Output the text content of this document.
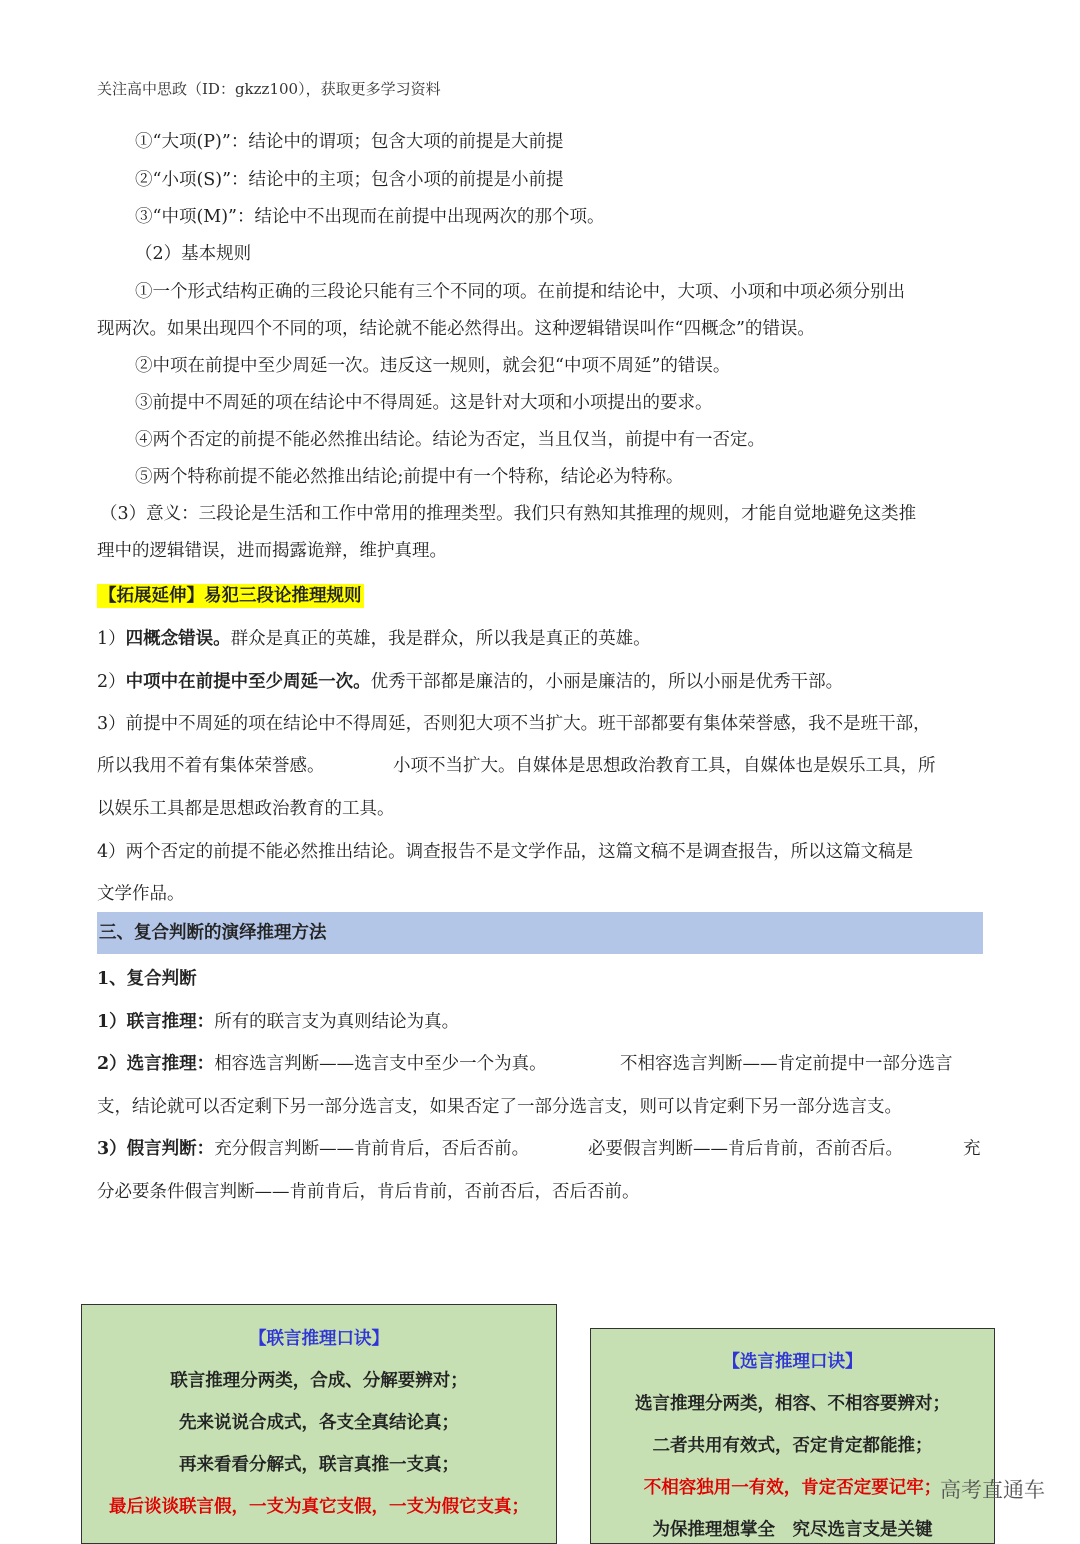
关注高中思政（ID：gkzz100），获取更多学习资料
①“大项(P)”：结论中的谓项；包含大项的前提是大前提
②“小项(S)”：结论中的主项；包含小项的前提是小前提
③“中项(M)”：结论中不出现而在前提中出现两次的那个项。
（2）基本规则
①一个形式结构正确的三段论只能有三个不同的项。在前提和结论中，大项、小项和中项必须分别出
现两次。如果出现四个不同的项，结论就不能必然得出。这种逻辑错误叫作“四概念”的错误。
②中项在前提中至少周延一次。违反这一规则，就会犯“中项不周延”的错误。
③前提中不周延的项在结论中不得周延。这是针对大项和小项提出的要求。
④两个否定的前提不能必然推出结论。结论为否定，当且仅当，前提中有一否定。
⑤两个特称前提不能必然推出结论;前提中有一个特称，结论必为特称。
（3）意义：三段论是生活和工作中常用的推理类型。我们只有熟知其推理的规则，才能自觉地避免这类推
理中的逻辑错误，进而揭露诡辩，维护真理。
【拓展延伸】易犯三段论推理规则
1）四概念错误。群众是真正的英雄，我是群众，所以我是真正的英雄。
2）中项中在前提中至少周延一次。优秀干部都是廉洁的，小丽是廉洁的，所以小丽是优秀干部。
3）前提中不周延的项在结论中不得周延，否则犯大项不当扩大。班干部都要有集体荣誉感，我不是班干部，
所以我用不着有集体荣誉感。	小项不当扩大。自媒体是思想政治教育工具，自媒体也是娱乐工具，所
以娱乐工具都是思想政治教育的工具。
4）两个否定的前提不能必然推出结论。调查报告不是文学作品，这篇文稿不是调查报告，所以这篇文稿是
文学作品。
三、复合判断的演绎推理方法
1、复合判断
1）联言推理：所有的联言支为真则结论为真。
2）选言推理：相容选言判断——选言支中至少一个为真。	不相容选言判断——肯定前提中一部分选言
支，结论就可以否定剩下另一部分选言支，如果否定了一部分选言支，则可以肯定剩下另一部分选言支。
3）假言判断：充分假言判断——肯前肯后，否后否前。	必要假言判断——肯后肯前，否前否后。	充
分必要条件假言判断——肯前肯后，肯后肯前，否前否后，否后否前。
【联言推理口诀】
联言推理分两类，合成、分解要辨对；
先来说说合成式，各支全真结论真；
再来看看分解式，联言真推一支真；
最后谈谈联言假，一支为真它支假，一支为假它支真；
【选言推理口诀】
选言推理分两类，相容、不相容要辨对；
二者共用有效式，否定肯定都能推；
不相容独用一有效，肯定否定要记牢；
为保推理想掌全　究尽选言支是关键
高考直通车
